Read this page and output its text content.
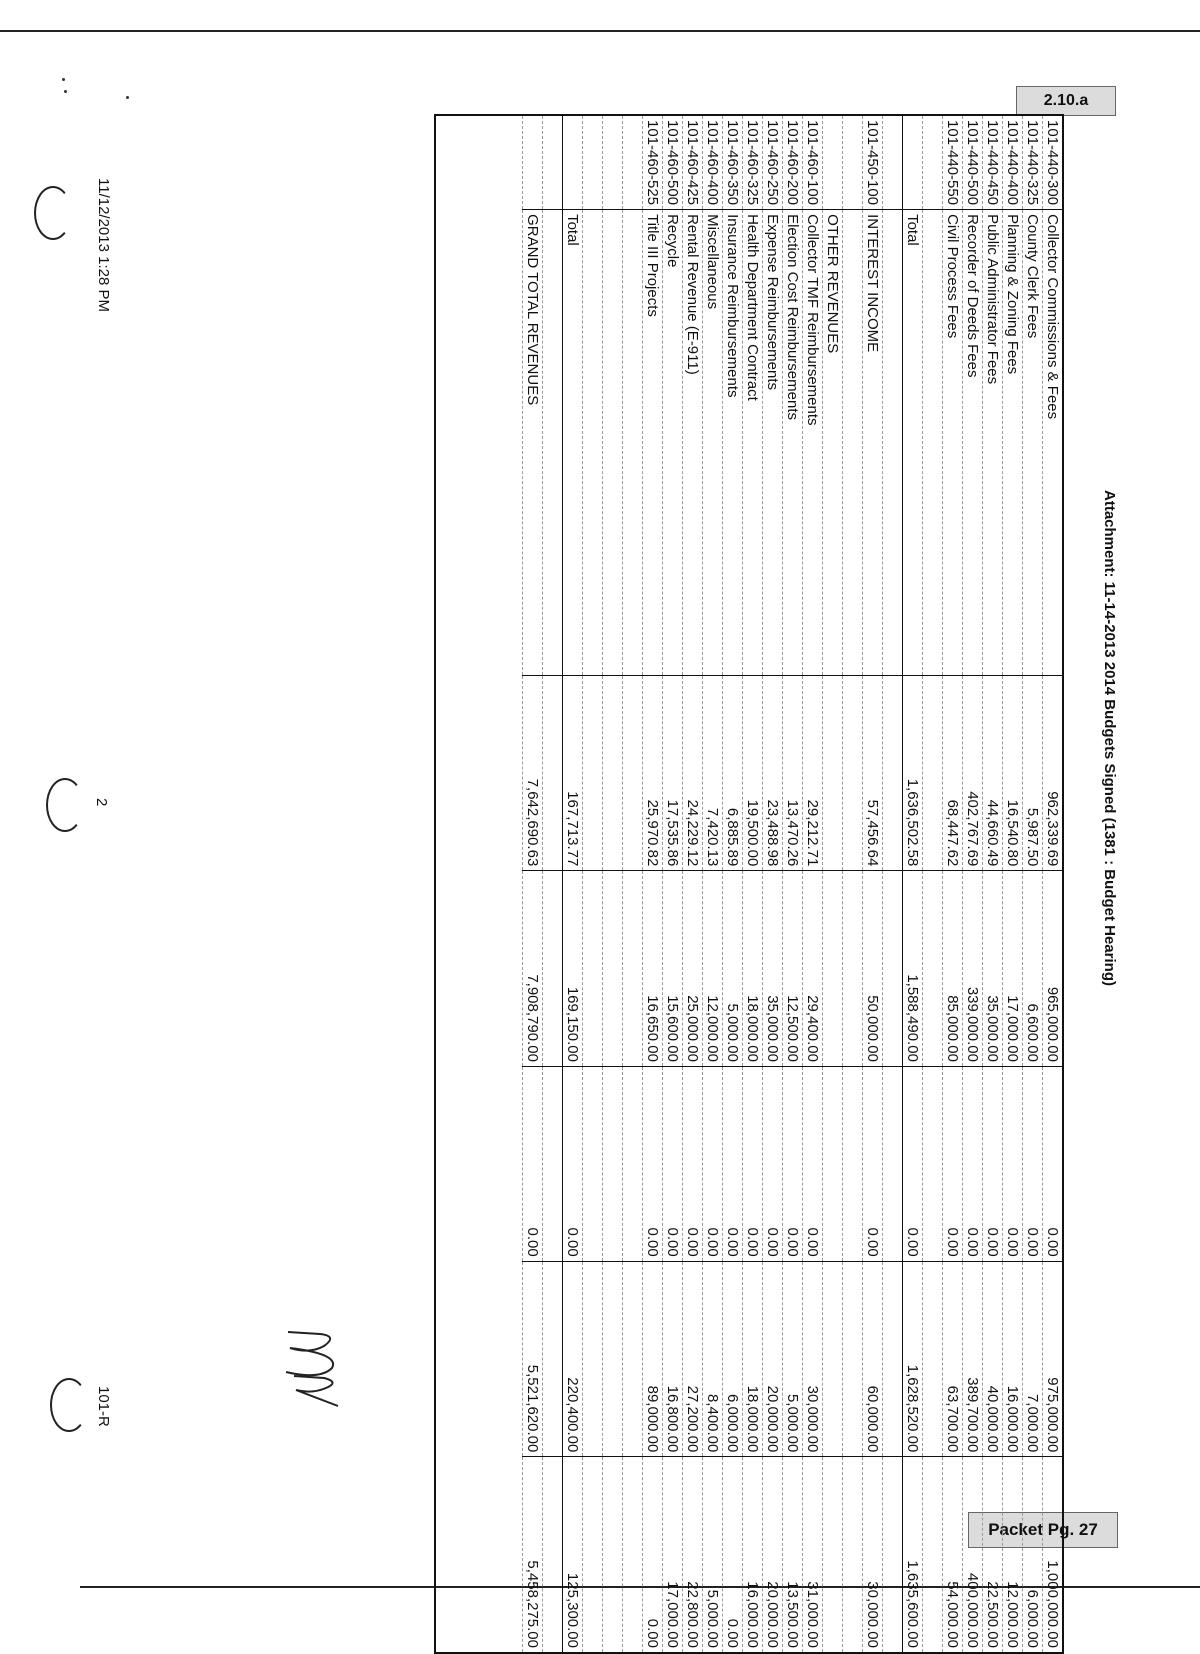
11/12/2013 1:28 PM
2
101-R
Attachment: 11-14-2013 2014 Budgets Signed (1381 : Budget Hearing)
2.10.a
Packet Pg. 27
101-440-300	Collector Commissions & Fees	962,339.69	965,000.00	0.00	975,000.00	1,000,000.00
101-440-325	County Clerk Fees	5,987.50	6,600.00	0.00	7,000.00	6,000.00
101-440-400	Planning & Zoning Fees	16,540.80	17,000.00	0.00	16,000.00	12,000.00
101-440-450	Public Administrator Fees	44,660.49	35,000.00	0.00	40,000.00	22,500.00
101-440-500	Recorder of Deeds Fees	402,767.69	339,000.00	0.00	389,700.00	400,000.00
101-440-550	Civil Process Fees	68,447.62	85,000.00	0.00	63,700.00	54,000.00

	Total	1,636,502.58	1,588,490.00	0.00	1,628,520.00	1,635,600.00

101-450-100	INTEREST INCOME	57,456.64	50,000.00	0.00	60,000.00	30,000.00

	OTHER REVENUES					
101-460-100	Collector TMF Reimbursements	29,212.71	29,400.00	0.00	30,000.00	31,000.00
101-460-200	Election Cost Reimbursements	13,470.26	12,500.00	0.00	5,000.00	13,500.00
101-460-250	Expense Reimbursements	23,488.98	35,000.00	0.00	20,000.00	20,000.00
101-460-325	Health Department Contract	19,500.00	18,000.00	0.00	18,000.00	16,000.00
101-460-350	Insurance Reimbursements	6,885.89	5,000.00	0.00	6,000.00	0.00
101-460-400	Miscellaneous	7,420.13	12,000.00	0.00	8,400.00	5,000.00
101-460-425	Rental Revenue (E-911)	24,229.12	25,000.00	0.00	27,200.00	22,800.00
101-460-500	Recycle	17,535.86	15,600.00	0.00	16,800.00	17,000.00
101-460-525	Title III Projects	25,970.82	16,650.00	0.00	89,000.00	0.00

	Total	167,713.77	169,150.00	0.00	220,400.00	125,300.00

	GRAND TOTAL REVENUES	7,642,690.63	7,908,790.00	0.00	5,521,620.00	5,458,275.00
